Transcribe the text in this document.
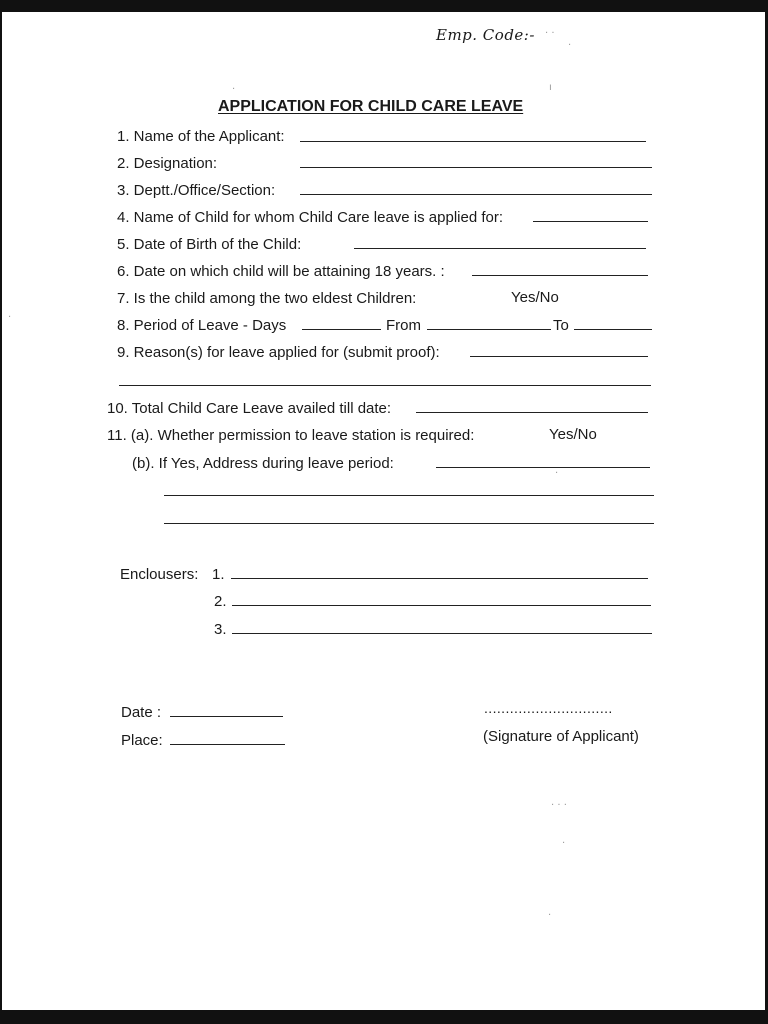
Emp. Code:-
APPLICATION FOR CHILD CARE LEAVE
1. Name of the Applicant:
2. Designation:
3. Deptt./Office/Section:
4. Name of Child for whom Child Care leave is applied for:
5. Date of Birth of the Child:
6. Date on which child will be attaining 18 years. :
7. Is the child among the two eldest Children:	Yes/No
8. Period of Leave - Days	From	To
9. Reason(s) for leave applied for (submit proof):
10. Total Child Care Leave availed till date:
11. (a). Whether permission to leave station is required:	Yes/No
(b). If Yes, Address during leave period:
Enclousers: 1.
2.
3.
Date :
Place:
..............................
(Signature of Applicant)
· ·
·
·	ı
·
· · ·
·
·
·
